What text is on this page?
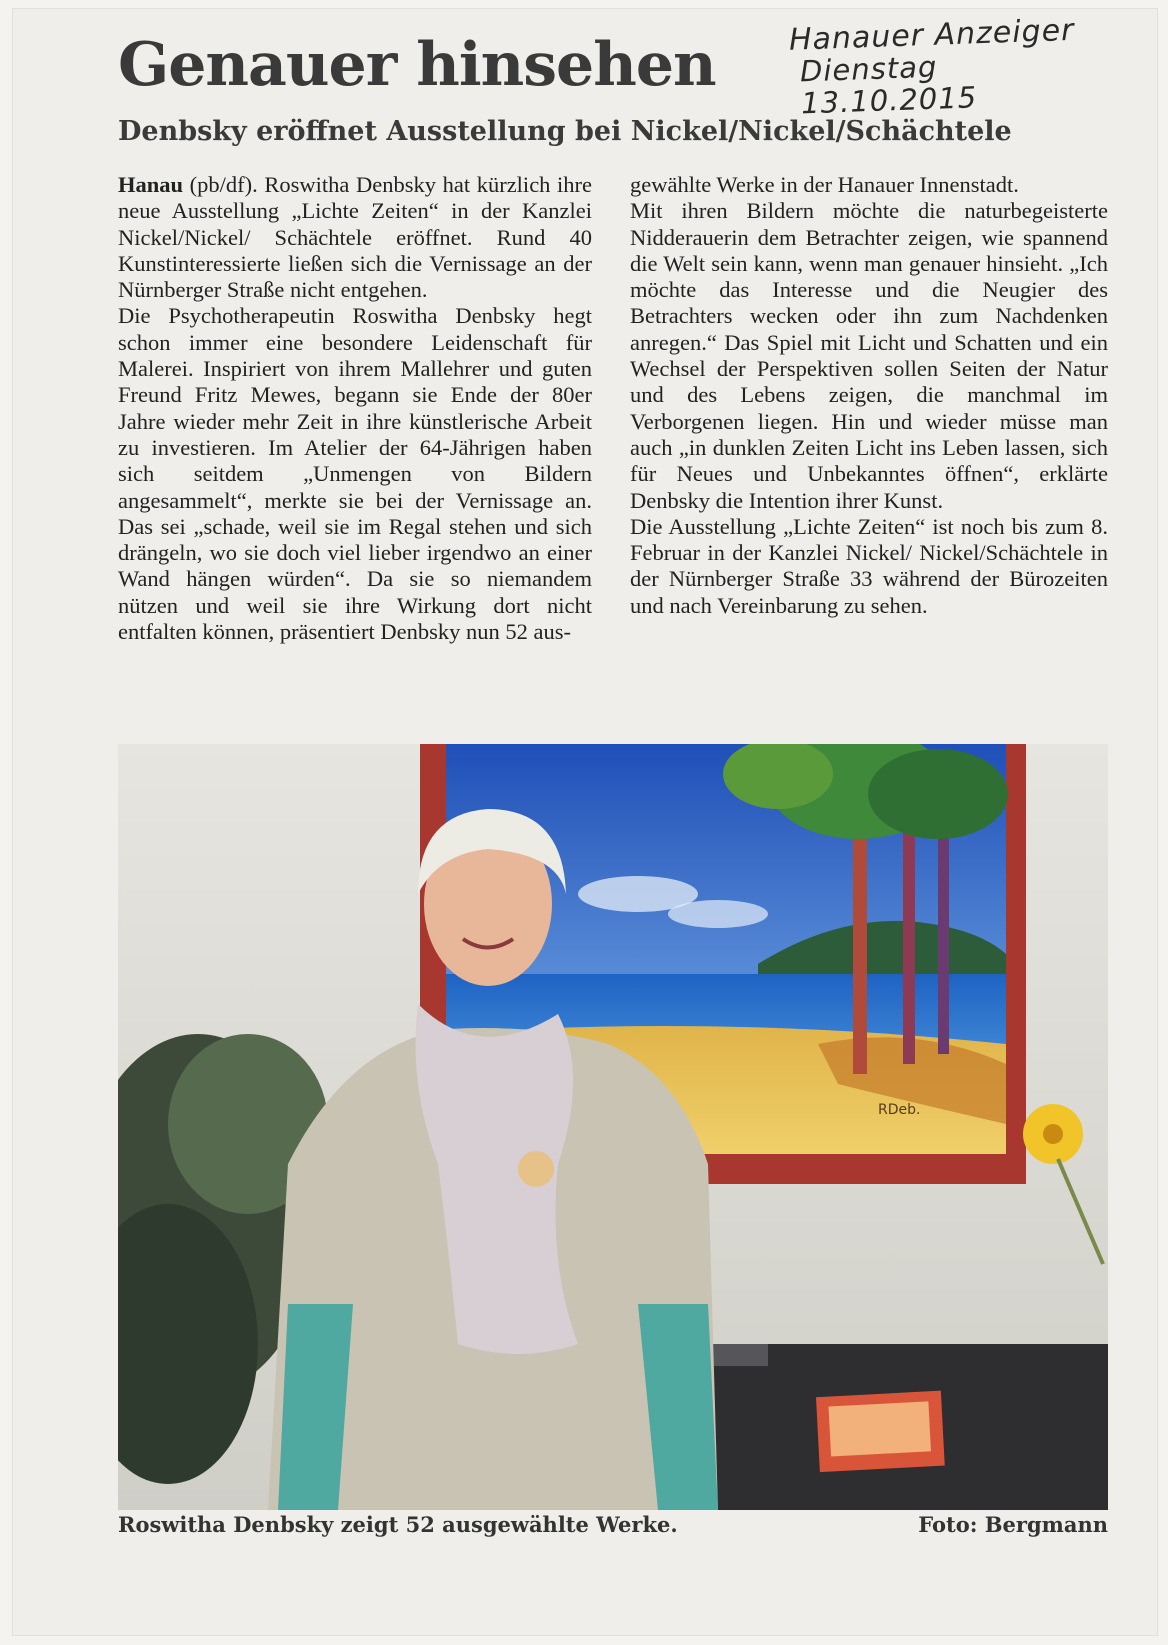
Hanauer Anzeiger
Dienstag 13.10.2015
Genauer hinsehen
Denbsky eröffnet Ausstellung bei Nickel/Nickel/Schächtele

Hanau (pb/df). Roswitha Denbsky hat kürzlich ihre neue Ausstellung „Lichte Zeiten“ in der Kanzlei Nickel/Nickel/ Schächtele eröffnet. Rund 40 Kunstinteressierte ließen sich die Vernissage an der Nürnberger Straße nicht entgehen.

Die Psychotherapeutin Roswitha Denbsky hegt schon immer eine besondere Leidenschaft für Malerei. Inspiriert von ihrem Mallehrer und guten Freund Fritz Mewes, begann sie Ende der 80er Jahre wieder mehr Zeit in ihre künstlerische Arbeit zu investieren. Im Atelier der 64-Jährigen haben sich seitdem „Unmengen von Bildern angesammelt“, merkte sie bei der Vernissage an. Das sei „schade, weil sie im Regal stehen und sich drängeln, wo sie doch viel lieber irgendwo an einer Wand hängen würden“. Da sie so niemandem nützen und weil sie ihre Wirkung dort nicht entfalten können, präsentiert Denbsky nun 52 aus-

gewählte Werke in der Hanauer Innenstadt.

Mit ihren Bildern möchte die naturbegeisterte Nidderauerin dem Betrachter zeigen, wie spannend die Welt sein kann, wenn man genauer hinsieht. „Ich möchte das Interesse und die Neugier des Betrachters wecken oder ihn zum Nachdenken anregen.“ Das Spiel mit Licht und Schatten und ein Wechsel der Perspektiven sollen Seiten der Natur und des Lebens zeigen, die manchmal im Verborgenen liegen. Hin und wieder müsse man auch „in dunklen Zeiten Licht ins Leben lassen, sich für Neues und Unbekanntes öffnen“, erklärte Denbsky die Intention ihrer Kunst.

Die Ausstellung „Lichte Zeiten“ ist noch bis zum 8. Februar in der Kanzlei Nickel/ Nickel/Schächtele in der Nürnberger Straße 33 während der Bürozeiten und nach Vereinbarung zu sehen.

RDeb.
Roswitha Denbsky zeigt 52 ausgewählte Werke.	Foto: Bergmann
